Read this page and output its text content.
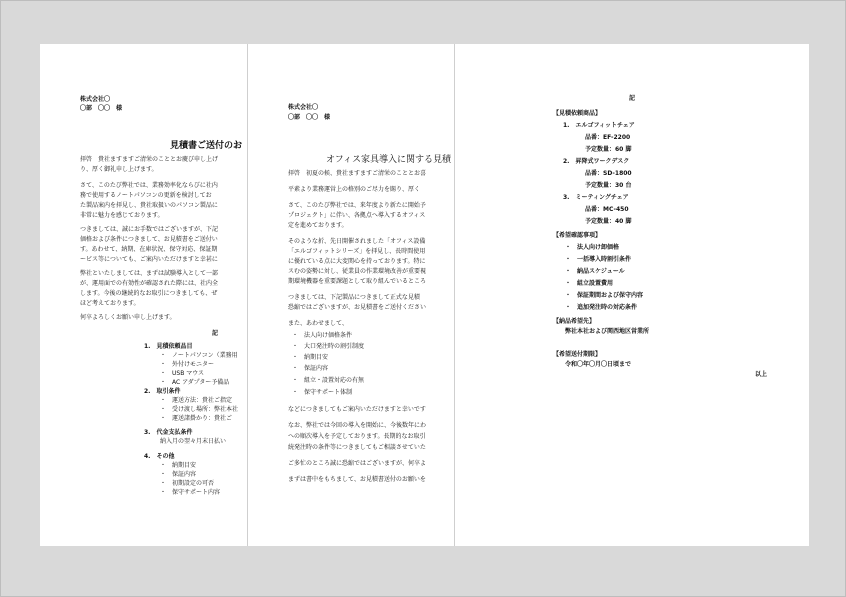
株式会社〇
〇部　〇〇　様
見積書ご送付のお
拝啓　貴社ますますご清栄のこととお慶び申し上げ
り、厚く御礼申し上げます。
さて、このたび弊社では、業務効率化ならびに社内
務で使用するノートパソコンの更新を検討してお
た製品案内を拝見し、貴社取扱いのパソコン製品に
非常に魅力を感じております。
つきましては、誠にお手数ではございますが、下記
価格および条件につきまして、お見積書をご送付い
す。あわせて、納期、在庫状況、保守対応、保証期
ービス等についても、ご案内いただけますと幸甚に
弊社といたしましては、まずは試験導入として一部
が、運用面での有効性が確認された際には、社内全
します。今後の継続的なお取引につきましても、ぜ
ほど考えております。
何卒よろしくお願い申し上げます。
記
1.　見積依頼品目
・　ノートパソコン（業務用
・　外付けモニター
・　USB マウス
・　AC アダプター予備品
2.　取引条件
・　運送方法：貴社ご指定
・　受け渡し場所：弊社本社
・　運送諸掛かり：貴社ご
3.　代金支払条件
納入月の翌々月末日払い
4.　その他
・　納期目安
・　保証内容
・　初期設定の可否
・　保守サポート内容
株式会社〇
〇部　〇〇　様
オフィス家具導入に関する見積
拝啓　初夏の候、貴社ますますご清栄のこととお喜
平素より業務運営上の格別のご尽力を賜り、厚く
さて、このたび弊社では、来年度より新たに開始予
プロジェクト」に伴い、各拠点へ導入するオフィス
定を進めております。
そのような折、先日開催されました「オフィス設備
「エルゴフィットシリーズ」を拝見し、長時間使用
に優れている点に大変関心を持っております。特に
スむの姿勢に対し、従業員の作業環境改善が重要視
期環境機器を重要課題として取り組んでいるところ
つきましては、下記製品につきまして正式な見積
恐縮ではございますが、お見積書をご送付ください
また、あわせまして、
・　法人向け価格条件
・　大口発注時の割引制度
・　納期目安
・　保証内容
・　組立・設置対応の有無
・　保守サポート体制
などにつきましてもご案内いただけますと幸いです
なお、弊社では今回の導入を開始に、今後数年にわ
への順次導入を予定しております。長期的なお取引
続発注時の条件等につきましてもご相談させていた
ご多忙のところ誠に恐縮ではございますが、何卒よ
まずは書中をもちまして、お見積書送付のお願いを
記
【見積依頼商品】
1.　エルゴフィットチェア
品番：EF-2200
予定数量：60 脚
2.　昇降式ワークデスク
品番：SD-1800
予定数量：30 台
3.　ミーティングチェア
品番：MC-450
予定数量：40 脚
【希望確認事項】
・　法人向け卸価格
・　一括導入時割引条件
・　納品スケジュール
・　組立設置費用
・　保証期間および保守内容
・　追加発注時の対応条件
【納品希望先】
弊社本社および関西地区営業所
【希望送付期限】
令和〇年〇月〇日頃まで
以上
